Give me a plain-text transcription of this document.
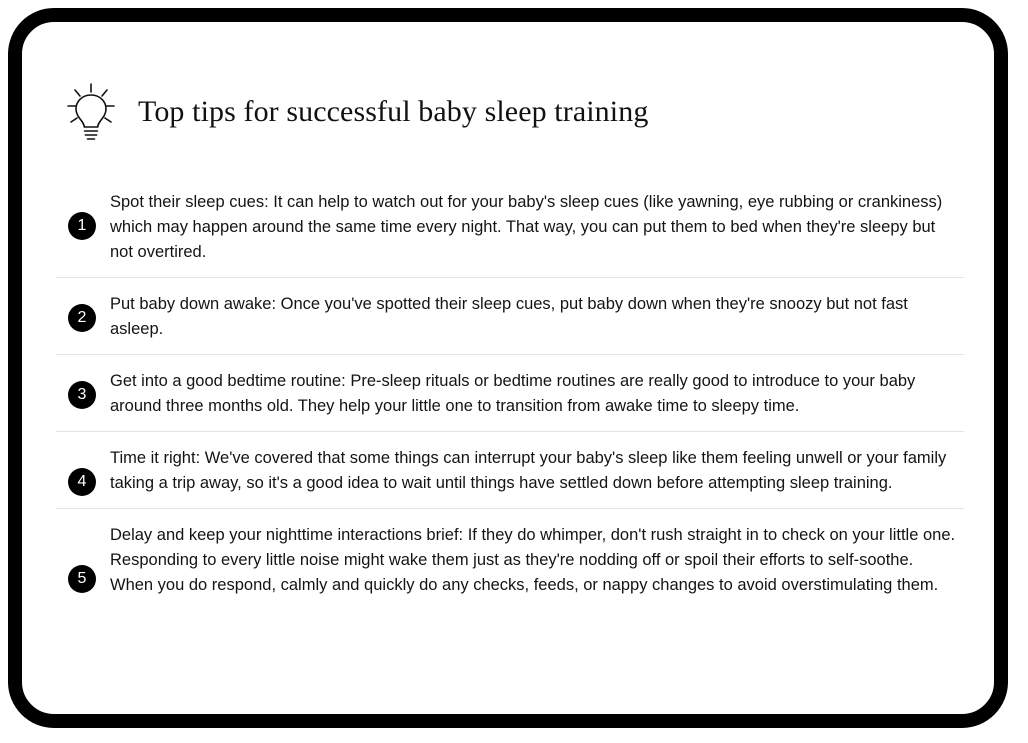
Top tips for successful baby sleep training
1
Spot their sleep cues: It can help to watch out for your baby's sleep cues (like yawning, eye rubbing or crankiness) which may happen around the same time every night. That way, you can put them to bed when they're sleepy but not overtired.
2
Put baby down awake: Once you've spotted their sleep cues, put baby down when they're snoozy but not fast asleep.
3
Get into a good bedtime routine: Pre-sleep rituals or bedtime routines are really good to introduce to your baby around three months old. They help your little one to transition from awake time to sleepy time.
4
Time it right: We've covered that some things can interrupt your baby's sleep like them feeling unwell or your family taking a trip away, so it's a good idea to wait until things have settled down before attempting sleep training.
5
Delay and keep your nighttime interactions brief: If they do whimper, don't rush straight in to check on your little one. Responding to every little noise might wake them just as they're nodding off or spoil their efforts to self-soothe. When you do respond, calmly and quickly do any checks, feeds, or nappy changes to avoid overstimulating them.
